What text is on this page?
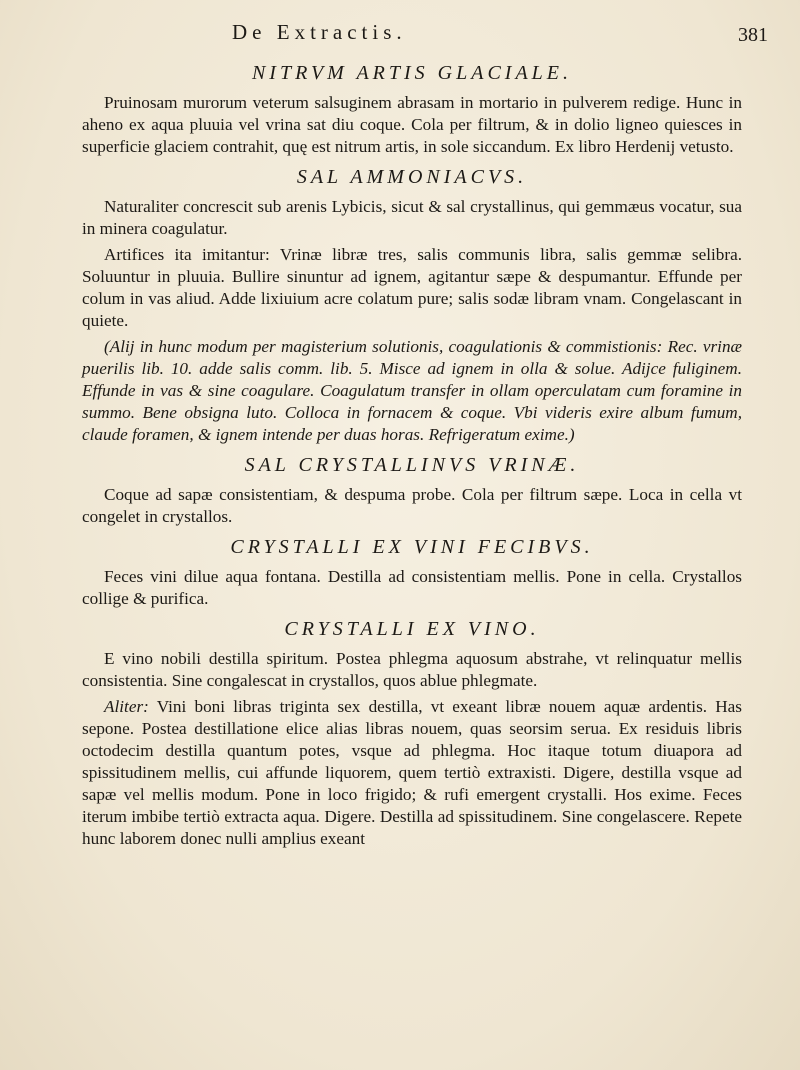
De Extractis.	381
NITRVM ARTIS GLACIALE.

Pruinosam murorum veterum salsuginem abrasam in mortario in pulverem redige. Hunc in aheno ex aqua pluuia vel vrina sat diu coque. Cola per filtrum, & in dolio ligneo quiesces in superficie glaciem contrahit, quę est nitrum artis, in sole siccandum. Ex libro Herdenij vetusto.

SAL AMMONIACVS.

Naturaliter concrescit sub arenis Lybicis, sicut & sal crystallinus, qui gemmæus vocatur, sua in minera coagulatur.

Artifices ita imitantur: Vrinæ libræ tres, salis communis libra, salis gemmæ selibra. Soluuntur in pluuia. Bullire sinuntur ad ignem, agitantur sæpe & despumantur. Effunde per colum in vas aliud. Adde lixiuium acre colatum pure; salis sodæ libram vnam. Congelascant in quiete.

(Alij in hunc modum per magisterium solutionis, coagulationis & commistionis: Rec. vrinæ puerilis lib. 10. adde salis comm. lib. 5. Misce ad ignem in olla & solue. Adijce fuliginem. Effunde in vas & sine coagulare. Coagulatum transfer in ollam operculatam cum foramine in summo. Bene obsigna luto. Colloca in fornacem & coque. Vbi videris exire album fumum, claude foramen, & ignem intende per duas horas. Refrigeratum exime.)

SAL CRYSTALLINVS VRINÆ.

Coque ad sapæ consistentiam, & despuma probe. Cola per filtrum sæpe. Loca in cella vt congelet in crystallos.

CRYSTALLI EX VINI FECIBVS.

Feces vini dilue aqua fontana. Destilla ad consistentiam mellis. Pone in cella. Crystallos collige & purifica.

CRYSTALLI EX VINO.

E vino nobili destilla spiritum. Postea phlegma aquosum abstrahe, vt relinquatur mellis consistentia. Sine congalescat in crystallos, quos ablue phlegmate.

Aliter: Vini boni libras triginta sex destilla, vt exeant libræ nouem aquæ ardentis. Has sepone. Postea destillatione elice alias libras nouem, quas seorsim serua. Ex residuis libris octodecim destilla quantum potes, vsque ad phlegma. Hoc itaque totum diuapora ad spissitudinem mellis, cui affunde liquorem, quem tertiò extraxisti. Digere, destilla vsque ad sapæ vel mellis modum. Pone in loco frigido; & rufi emergent crystalli. Hos exime. Feces iterum imbibe tertiò extracta aqua. Digere. Destilla ad spissitudinem. Sine congelascere. Repete hunc laborem donec nulli amplius exeant
